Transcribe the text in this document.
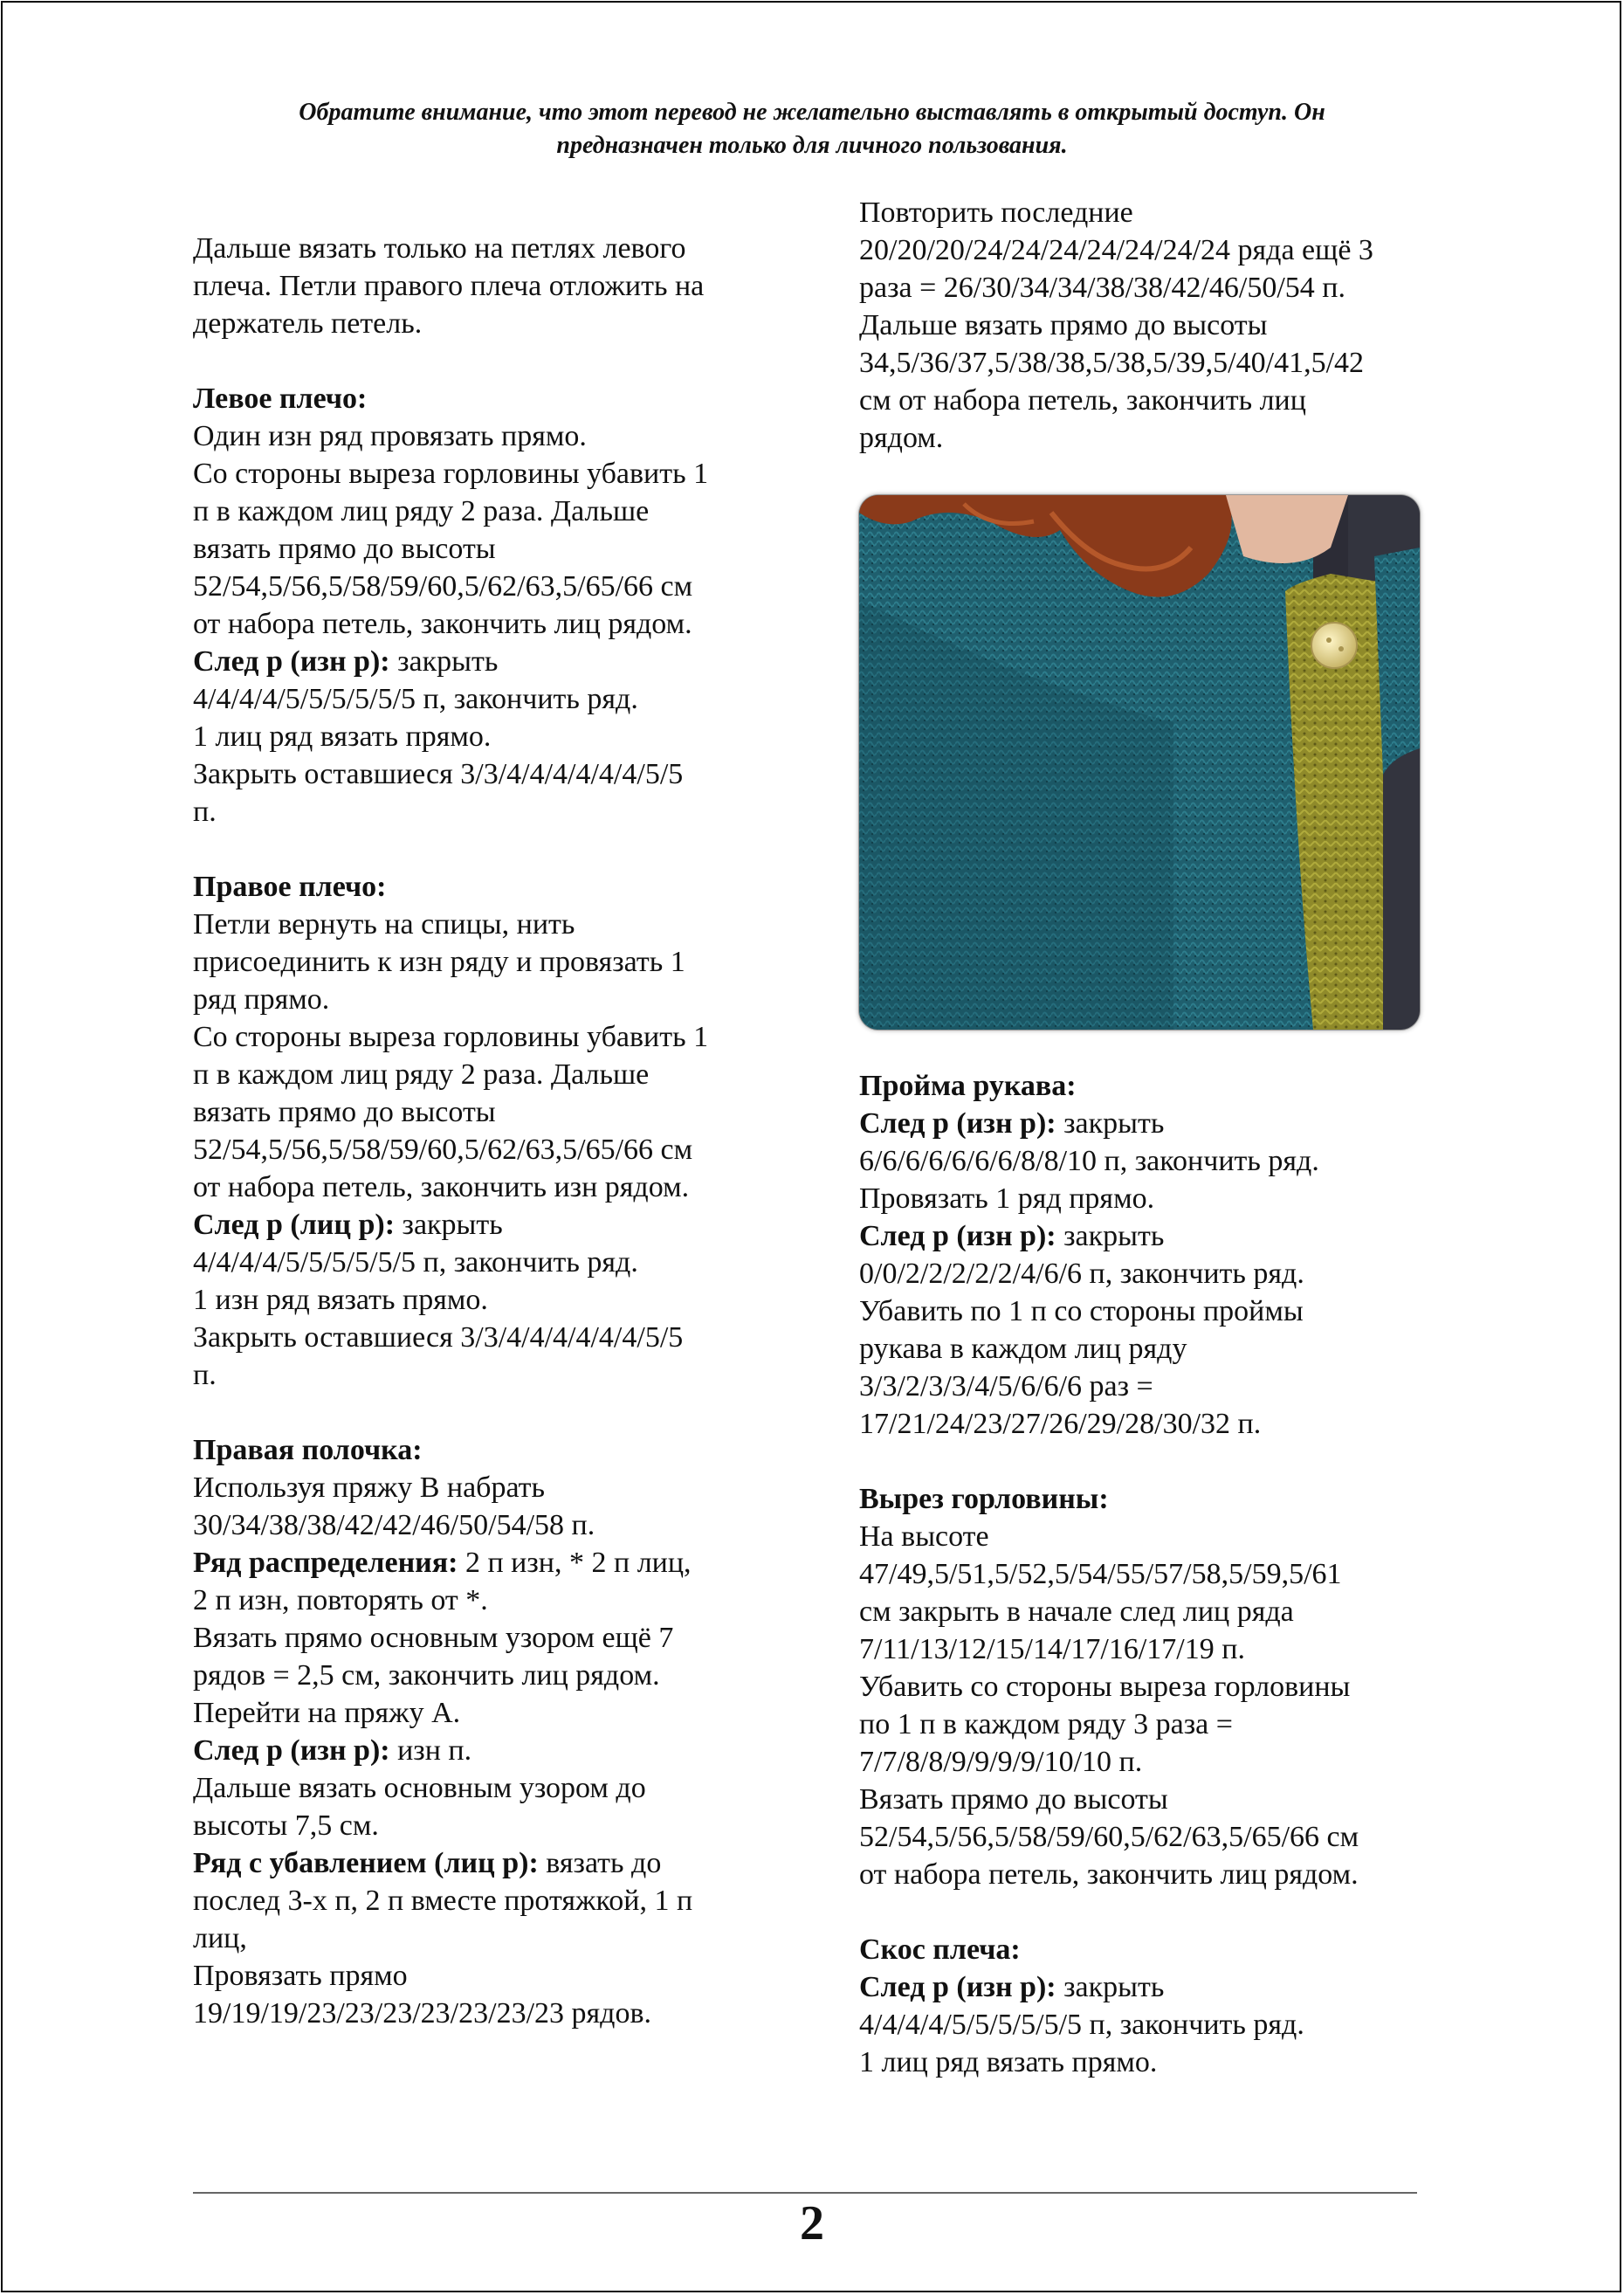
Обратите внимание, что этот перевод не желательно выставлять в открытый доступ. Он
предназначен только для личного пользования.

Дальше вязать только на петлях левого

плеча. Петли правого плеча отложить на

держатель петель.

Левое плечо:

Один изн ряд провязать прямо.

Со стороны выреза горловины убавить 1

п в каждом лиц ряду 2 раза. Дальше

вязать прямо до высоты

52/54,5/56,5/58/59/60,5/62/63,5/65/66 см

от набора петель, закончить лиц рядом.

След р (изн р): закрыть

4/4/4/4/5/5/5/5/5/5 п, закончить ряд.

1 лиц ряд вязать прямо.

Закрыть оставшиеся 3/3/4/4/4/4/4/4/5/5

п.

Правое плечо:

Петли вернуть на спицы, нить

присоединить к изн ряду и провязать 1

ряд прямо.

Со стороны выреза горловины убавить 1

п в каждом лиц ряду 2 раза. Дальше

вязать прямо до высоты

52/54,5/56,5/58/59/60,5/62/63,5/65/66 см

от набора петель, закончить изн рядом.

След р (лиц р): закрыть

4/4/4/4/5/5/5/5/5/5 п, закончить ряд.

1 изн ряд вязать прямо.

Закрыть оставшиеся 3/3/4/4/4/4/4/4/5/5

п.

Правая полочка:

Используя пряжу В набрать

30/34/38/38/42/42/46/50/54/58 п.

Ряд распределения: 2 п изн, * 2 п лиц,

2 п изн, повторять от *.

Вязать прямо основным узором ещё 7

рядов = 2,5 см, закончить лиц рядом.

Перейти на пряжу А.

След р (изн р): изн п.

Дальше вязать основным узором до

высоты 7,5 см.

Ряд с убавлением (лиц р): вязать до

послед 3-х п, 2 п вместе протяжкой, 1 п

лиц,

Провязать прямо

19/19/19/23/23/23/23/23/23/23 рядов.

Повторить последние

20/20/20/24/24/24/24/24/24/24 ряда ещё 3

раза = 26/30/34/34/38/38/42/46/50/54 п.

Дальше вязать прямо до высоты

34,5/36/37,5/38/38,5/38,5/39,5/40/41,5/42

см от набора петель, закончить лиц

рядом.

Пройма рукава:

След р (изн р): закрыть

6/6/6/6/6/6/6/8/8/10 п, закончить ряд.

Провязать 1 ряд прямо.

След р (изн р): закрыть

0/0/2/2/2/2/2/4/6/6 п, закончить ряд.

Убавить по 1 п со стороны проймы

рукава в каждом лиц ряду

3/3/2/3/3/4/5/6/6/6 раз =

17/21/24/23/27/26/29/28/30/32 п.

Вырез горловины:

На высоте

47/49,5/51,5/52,5/54/55/57/58,5/59,5/61

см закрыть в начале след лиц ряда

7/11/13/12/15/14/17/16/17/19 п.

Убавить со стороны выреза горловины

по 1 п в каждом ряду 3 раза =

7/7/8/8/9/9/9/9/10/10 п.

Вязать прямо до высоты

52/54,5/56,5/58/59/60,5/62/63,5/65/66 см

от набора петель, закончить лиц рядом.

Скос плеча:

След р (изн р): закрыть

4/4/4/4/5/5/5/5/5/5 п, закончить ряд.

1 лиц ряд вязать прямо.

2
